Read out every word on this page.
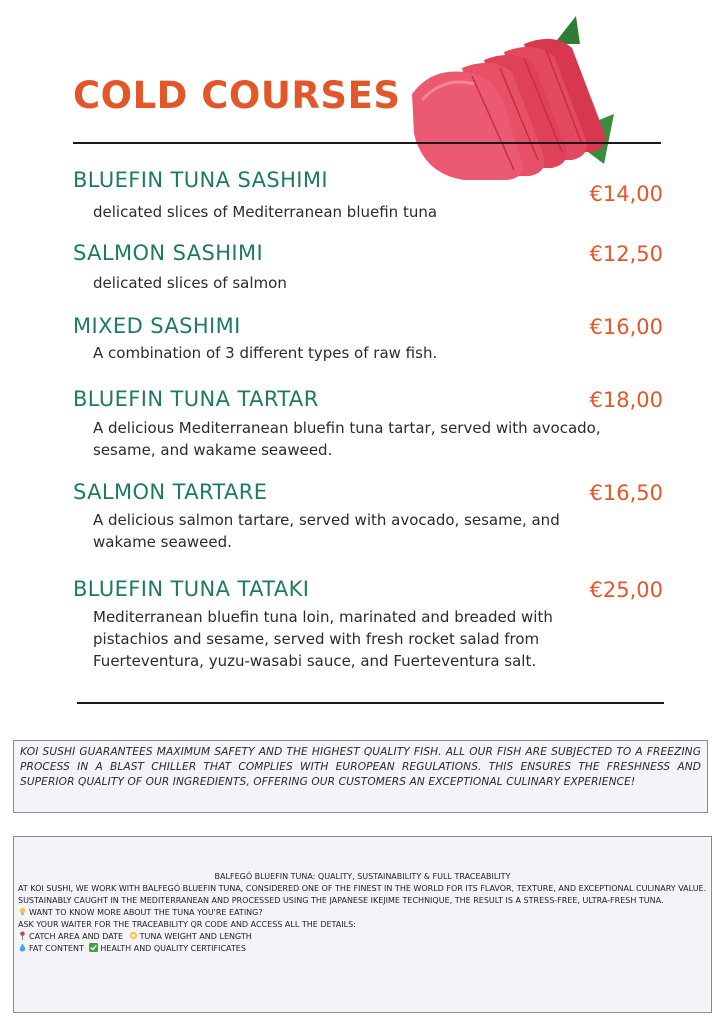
COLD COURSES
BLUEFIN TUNA SASHIMI
€14,00
delicated slices of Mediterranean bluefin tuna
SALMON SASHIMI	€12,50
delicated slices of salmon
MIXED SASHIMI	€16,00
A combination of 3 different types of raw fish.
BLUEFIN TUNA TARTAR	€18,00
A delicious Mediterranean bluefin tuna tartar, served with avocado, sesame, and wakame seaweed.
SALMON TARTARE	€16,50
A delicious salmon tartare, served with avocado, sesame, and wakame seaweed.
BLUEFIN TUNA TATAKI	€25,00
Mediterranean bluefin tuna loin, marinated and breaded with pistachios and sesame, served with fresh rocket salad from Fuerteventura, yuzu-wasabi sauce, and Fuerteventura salt.

KOI SUSHI GUARANTEES MAXIMUM SAFETY AND THE HIGHEST QUALITY FISH. ALL OUR FISH ARE SUBJECTED TO A FREEZING PROCESS IN A BLAST CHILLER THAT COMPLIES WITH EUROPEAN REGULATIONS. THIS ENSURES THE FRESHNESS AND SUPERIOR QUALITY OF OUR INGREDIENTS, OFFERING OUR CUSTOMERS AN EXCEPTIONAL CULINARY EXPERIENCE!

BALFEGÓ BLUEFIN TUNA: QUALITY, SUSTAINABILITY & FULL TRACEABILITY
AT KOI SUSHI, WE WORK WITH BALFEGÓ BLUEFIN TUNA, CONSIDERED ONE OF THE FINEST IN THE WORLD FOR ITS FLAVOR, TEXTURE, AND EXCEPTIONAL CULINARY VALUE.
SUSTAINABLY CAUGHT IN THE MEDITERRANEAN AND PROCESSED USING THE JAPANESE IKEJIME TECHNIQUE, THE RESULT IS A STRESS-FREE, ULTRA-FRESH TUNA.
WANT TO KNOW MORE ABOUT THE TUNA YOU'RE EATING?
ASK YOUR WAITER FOR THE TRACEABILITY QR CODE AND ACCESS ALL THE DETAILS:
CATCH AREA AND DATE TUNA WEIGHT AND LENGTH
FAT CONTENT HEALTH AND QUALITY CERTIFICATES
